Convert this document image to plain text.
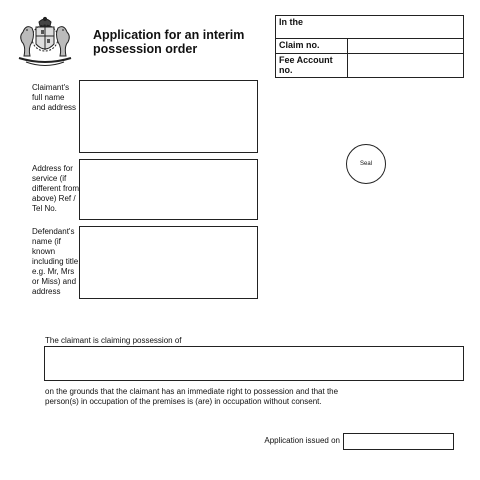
Application for an interim possession order
In the
Claim no.
Fee Account no.
Claimant's full name and address
Address for service (if different from above) Ref / Tel No.
Defendant's name (if known including title e.g. Mr, Mrs or Miss) and address
Seal
The claimant is claiming possession of
on the grounds that the claimant has an immediate right to possession and that the person(s) in occupation of the premises is (are) in occupation without consent.
Application issued on
